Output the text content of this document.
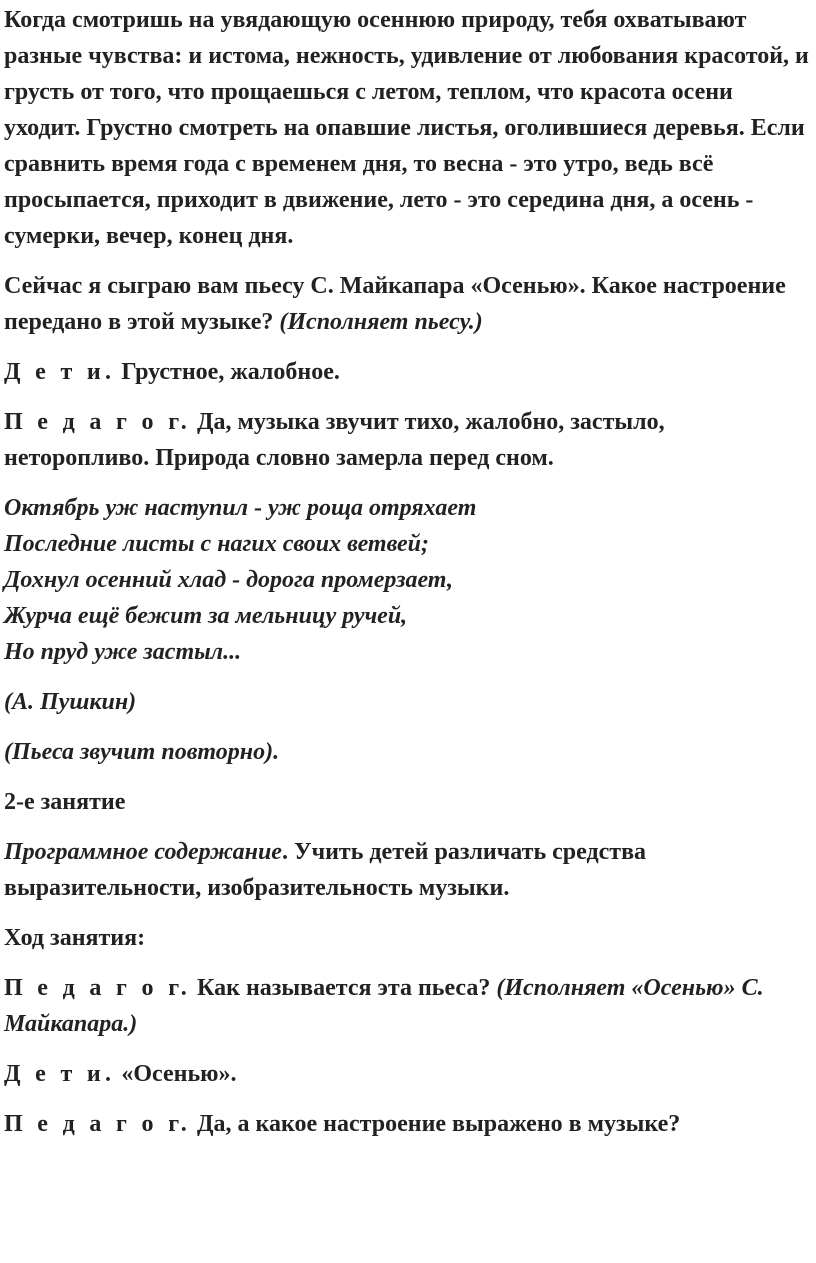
Когда смотришь на увядающую осеннюю природу, тебя охватывают разные чувства: и истома, нежность, удивление от любования красотой, и грусть от того, что прощаешься с летом, теплом, что красота осени уходит. Грустно смотреть на опавшие листья, оголившиеся деревья. Если сравнить время года с временем дня, то весна - это утро, ведь всё просыпается, приходит в движение, лето - это середина дня, а осень - сумерки, вечер, конец дня.

Сейчас я сыграю вам пьесу С. Майкапара «Осенью». Какое настроение передано в этой музыке? (Исполняет пьесу.)

Д е т и. Грустное, жалобное.

П е д а г о г. Да, музыка звучит тихо, жалобно, застыло, неторопливо. Природа словно замерла перед сном.

Октябрь уж наступил - уж роща отряхает

Последние листы с нагих своих ветвей;

Дохнул осенний хлад - дорога промерзает,

Журча ещё бежит за мельницу ручей,

Но пруд уже застыл...

(А. Пушкин)

(Пьеса звучит повторно).

2-е занятие

Программное содержание. Учить детей различать средства выразительности, изобразительность музыки.

Ход занятия:

П е д а г о г. Как называется эта пьеса? (Исполняет «Осенью» С. Майкапара.)

Д е т и. «Осенью».

П е д а г о г. Да, а какое настроение выражено в музыке?
